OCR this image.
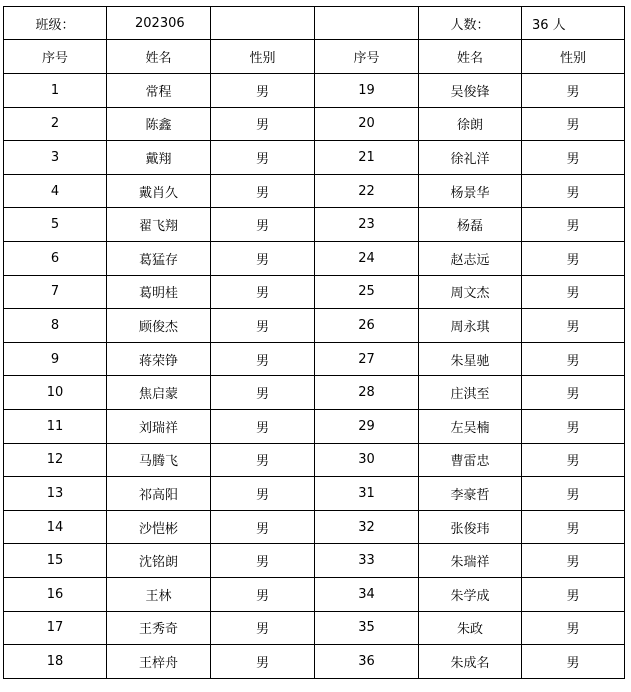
班级：	202306			人数：	36 人
序号	姓名	性别	序号	姓名	性别
1	常程	男	19	吴俊锋	男
2	陈鑫	男	20	徐朗	男
3	戴翔	男	21	徐礼洋	男
4	戴肖久	男	22	杨景华	男
5	翟飞翔	男	23	杨磊	男
6	葛猛存	男	24	赵志远	男
7	葛明桂	男	25	周文杰	男
8	顾俊杰	男	26	周永琪	男
9	蒋荣铮	男	27	朱星驰	男
10	焦启蒙	男	28	庄淇至	男
11	刘瑞祥	男	29	左吴楠	男
12	马腾飞	男	30	曹雷忠	男
13	祁高阳	男	31	李豪哲	男
14	沙恺彬	男	32	张俊玮	男
15	沈铭朗	男	33	朱瑞祥	男
16	王林	男	34	朱学成	男
17	王秀奇	男	35	朱政	男
18	王梓舟	男	36	朱成名	男
